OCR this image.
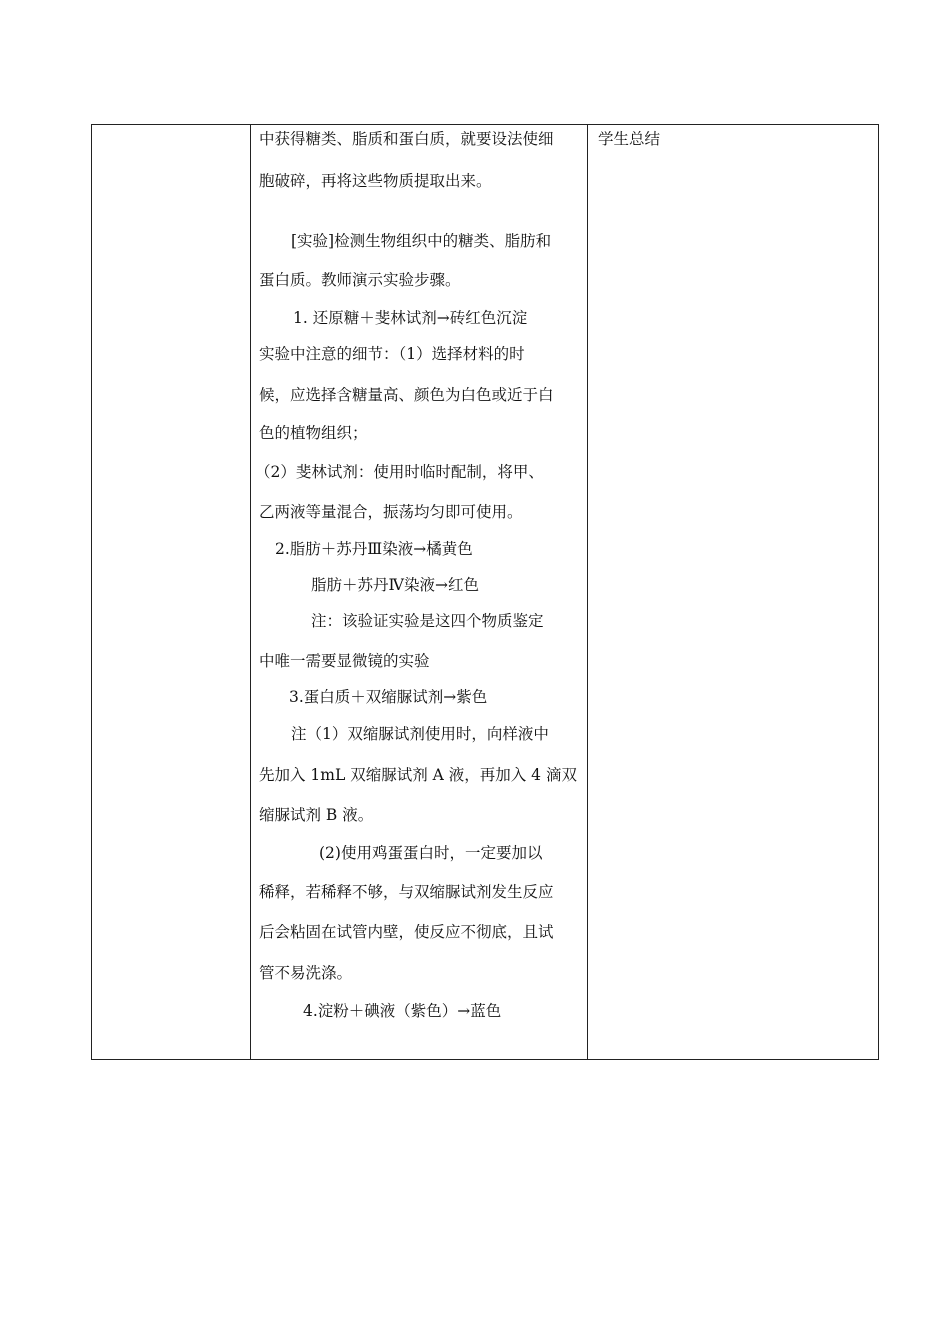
中获得糖类、脂质和蛋白质，就要设法使细
胞破碎，再将这些物质提取出来。
[实验]检测生物组织中的糖类、脂肪和
蛋白质。教师演示实验步骤。
1. 还原糖＋斐林试剂→砖红色沉淀
实验中注意的细节：（1）选择材料的时
候，应选择含糖量高、颜色为白色或近于白
色的植物组织；
（2）斐林试剂：使用时临时配制，将甲、
乙两液等量混合，振荡均匀即可使用。
2.脂肪＋苏丹Ⅲ染液→橘黄色
脂肪＋苏丹Ⅳ染液→红色
注：该验证实验是这四个物质鉴定
中唯一需要显微镜的实验
3.蛋白质＋双缩脲试剂→紫色
注（1）双缩脲试剂使用时，向样液中
先加入 1mL 双缩脲试剂 A 液，再加入 4 滴双
缩脲试剂 B 液。
(2)使用鸡蛋蛋白时，一定要加以
稀释，若稀释不够，与双缩脲试剂发生反应
后会粘固在试管内壁，使反应不彻底，且试
管不易洗涤。
4.淀粉＋碘液（紫色）→蓝色

学生总结
